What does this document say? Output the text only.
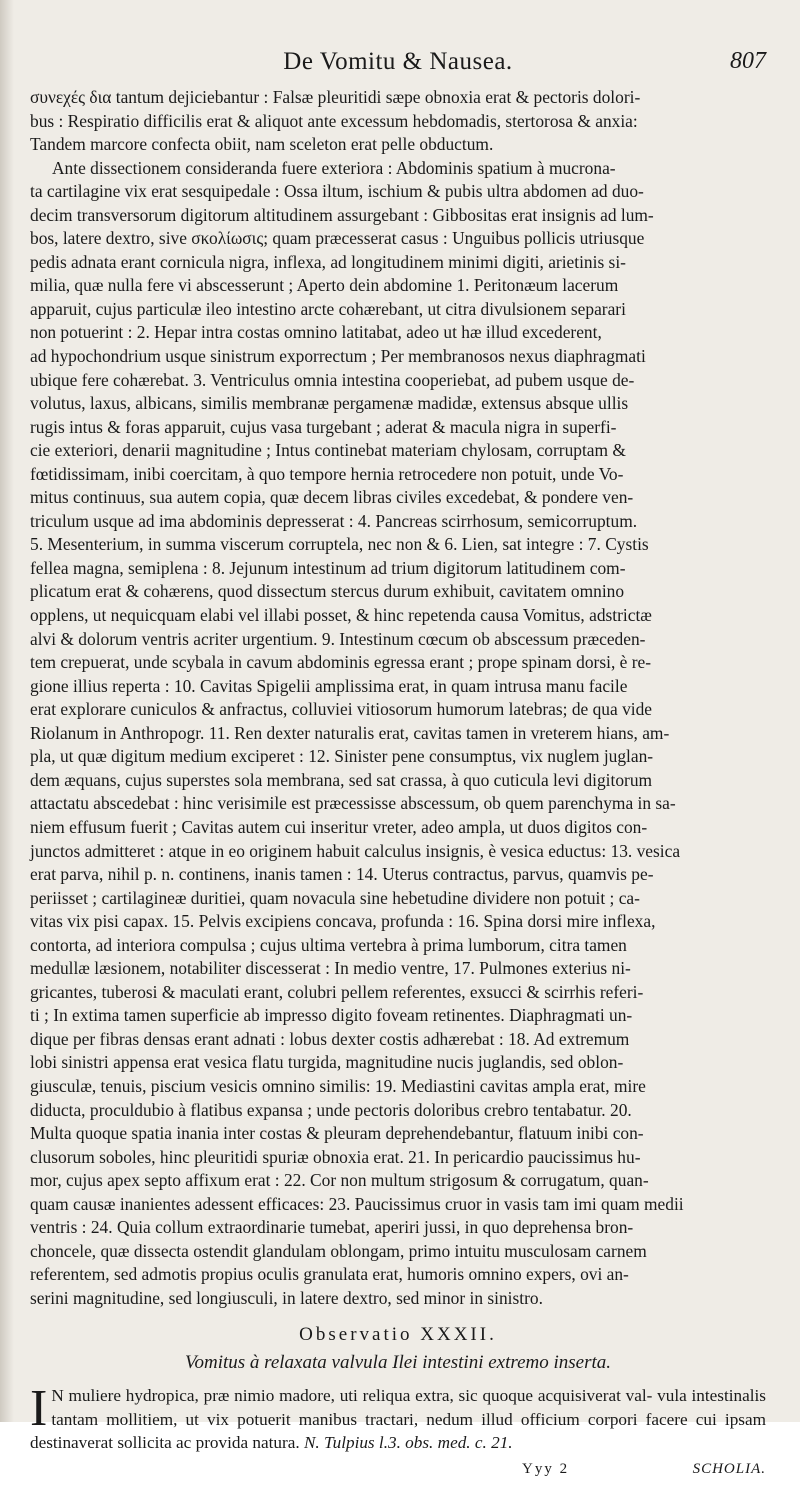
De Vomitu & Nausea.	807
συνεχές δια tantum dejiciebantur : Falsæ pleuritidi sæpe obnoxia erat & pectoris dolori-
bus : Respiratio difficilis erat & aliquot ante excessum hebdomadis, stertorosa & anxia:
Tandem marcore confecta obiit, nam sceleton erat pelle obductum.
Ante dissectionem consideranda fuere exteriora : Abdominis spatium à mucrona-
ta cartilagine vix erat sesquipedale : Ossa iltum, ischium & pubis ultra abdomen ad duo-
decim transversorum digitorum altitudinem assurgebant : Gibbositas erat insignis ad lum-
bos, latere dextro, sive σκολίωσις; quam præcesserat casus : Unguibus pollicis utriusque
pedis adnata erant cornicula nigra, inflexa, ad longitudinem minimi digiti, arietinis si-
milia, quæ nulla fere vi abscesserunt ; Aperto dein abdomine 1. Peritonæum lacerum
apparuit, cujus particulæ ileo intestino arcte cohærebant, ut citra divulsionem separari
non potuerint : 2. Hepar intra costas omnino latitabat, adeo ut hæ illud excederent,
ad hypochondrium usque sinistrum exporrectum ; Per membranosos nexus diaphragmati
ubique fere cohærebat. 3. Ventriculus omnia intestina cooperiebat, ad pubem usque de-
volutus, laxus, albicans, similis membranæ pergamenæ madidæ, extensus absque ullis
rugis intus & foras apparuit, cujus vasa turgebant ; aderat & macula nigra in superfi-
cie exteriori, denarii magnitudine ; Intus continebat materiam chylosam, corruptam &
fœtidissimam, inibi coercitam, à quo tempore hernia retrocedere non potuit, unde Vo-
mitus continuus, sua autem copia, quæ decem libras civiles excedebat, & pondere ven-
triculum usque ad ima abdominis depresserat : 4. Pancreas scirrhosum, semicorruptum.
5. Mesenterium, in summa viscerum corruptela, nec non & 6. Lien, sat integre : 7. Cystis
fellea magna, semiplena : 8. Jejunum intestinum ad trium digitorum latitudinem com-
plicatum erat & cohærens, quod dissectum stercus durum exhibuit, cavitatem omnino
opplens, ut nequicquam elabi vel illabi posset, & hinc repetenda causa Vomitus, adstrictæ
alvi & dolorum ventris acriter urgentium. 9. Intestinum cœcum ob abscessum præceden-
tem crepuerat, unde scybala in cavum abdominis egressa erant ; prope spinam dorsi, è re-
gione illius reperta : 10. Cavitas Spigelii amplissima erat, in quam intrusa manu facile
erat explorare cuniculos & anfractus, colluviei vitiosorum humorum latebras; de qua vide
Riolanum in Anthropogr. 11. Ren dexter naturalis erat, cavitas tamen in vreterem hians, am-
pla, ut quæ digitum medium exciperet : 12. Sinister pene consumptus, vix nuglem juglan-
dem æquans, cujus superstes sola membrana, sed sat crassa, à quo cuticula levi digitorum
attactatu abscedebat : hinc verisimile est præcessisse abscessum, ob quem parenchyma in sa-
niem effusum fuerit ; Cavitas autem cui inseritur vreter, adeo ampla, ut duos digitos con-
junctos admitteret : atque in eo originem habuit calculus insignis, è vesica eductus: 13. vesica
erat parva, nihil p. n. continens, inanis tamen : 14. Uterus contractus, parvus, quamvis pe-
periisset ; cartilagineæ duritiei, quam novacula sine hebetudine dividere non potuit ; ca-
vitas vix pisi capax. 15. Pelvis excipiens concava, profunda : 16. Spina dorsi mire inflexa,
contorta, ad interiora compulsa ; cujus ultima vertebra à prima lumborum, citra tamen
medullæ læsionem, notabiliter discesserat : In medio ventre, 17. Pulmones exterius ni-
gricantes, tuberosi & maculati erant, colubri pellem referentes, exsucci & scirrhis referi-
ti ; In extima tamen superficie ab impresso digito foveam retinentes. Diaphragmati un-
dique per fibras densas erant adnati : lobus dexter costis adhærebat : 18. Ad extremum
lobi sinistri appensa erat vesica flatu turgida, magnitudine nucis juglandis, sed oblon-
giusculæ, tenuis, piscium vesicis omnino similis: 19. Mediastini cavitas ampla erat, mire
diducta, proculdubio à flatibus expansa ; unde pectoris doloribus crebro tentabatur. 20.
Multa quoque spatia inania inter costas & pleuram deprehendebantur, flatuum inibi con-
clusorum soboles, hinc pleuritidi spuriæ obnoxia erat. 21. In pericardio paucissimus hu-
mor, cujus apex septo affixum erat : 22. Cor non multum strigosum & corrugatum, quan-
quam causæ inanientes adessent efficaces: 23. Paucissimus cruor in vasis tam imi quam medii
ventris : 24. Quia collum extraordinarie tumebat, aperiri jussi, in quo deprehensa bron-
choncele, quæ dissecta ostendit glandulam oblongam, primo intuitu musculosam carnem
referentem, sed admotis propius oculis granulata erat, humoris omnino expers, ovi an-
serini magnitudine, sed longiusculi, in latere dextro, sed minor in sinistro.
Observatio XXXII.
Vomitus à relaxata valvula Ilei intestini extremo inserta.
I N muliere hydropica, præ nimio madore, uti reliqua extra, sic quoque acquisiverat val- vula intestinalis tantam mollitiem, ut vix potuerit manibus tractari, nedum illud officium corpori facere cui ipsam destinaverat sollicita ac provida natura. N. Tulpius l.3. obs. med. c. 21.
Yyy 2	SCHOLIA.
